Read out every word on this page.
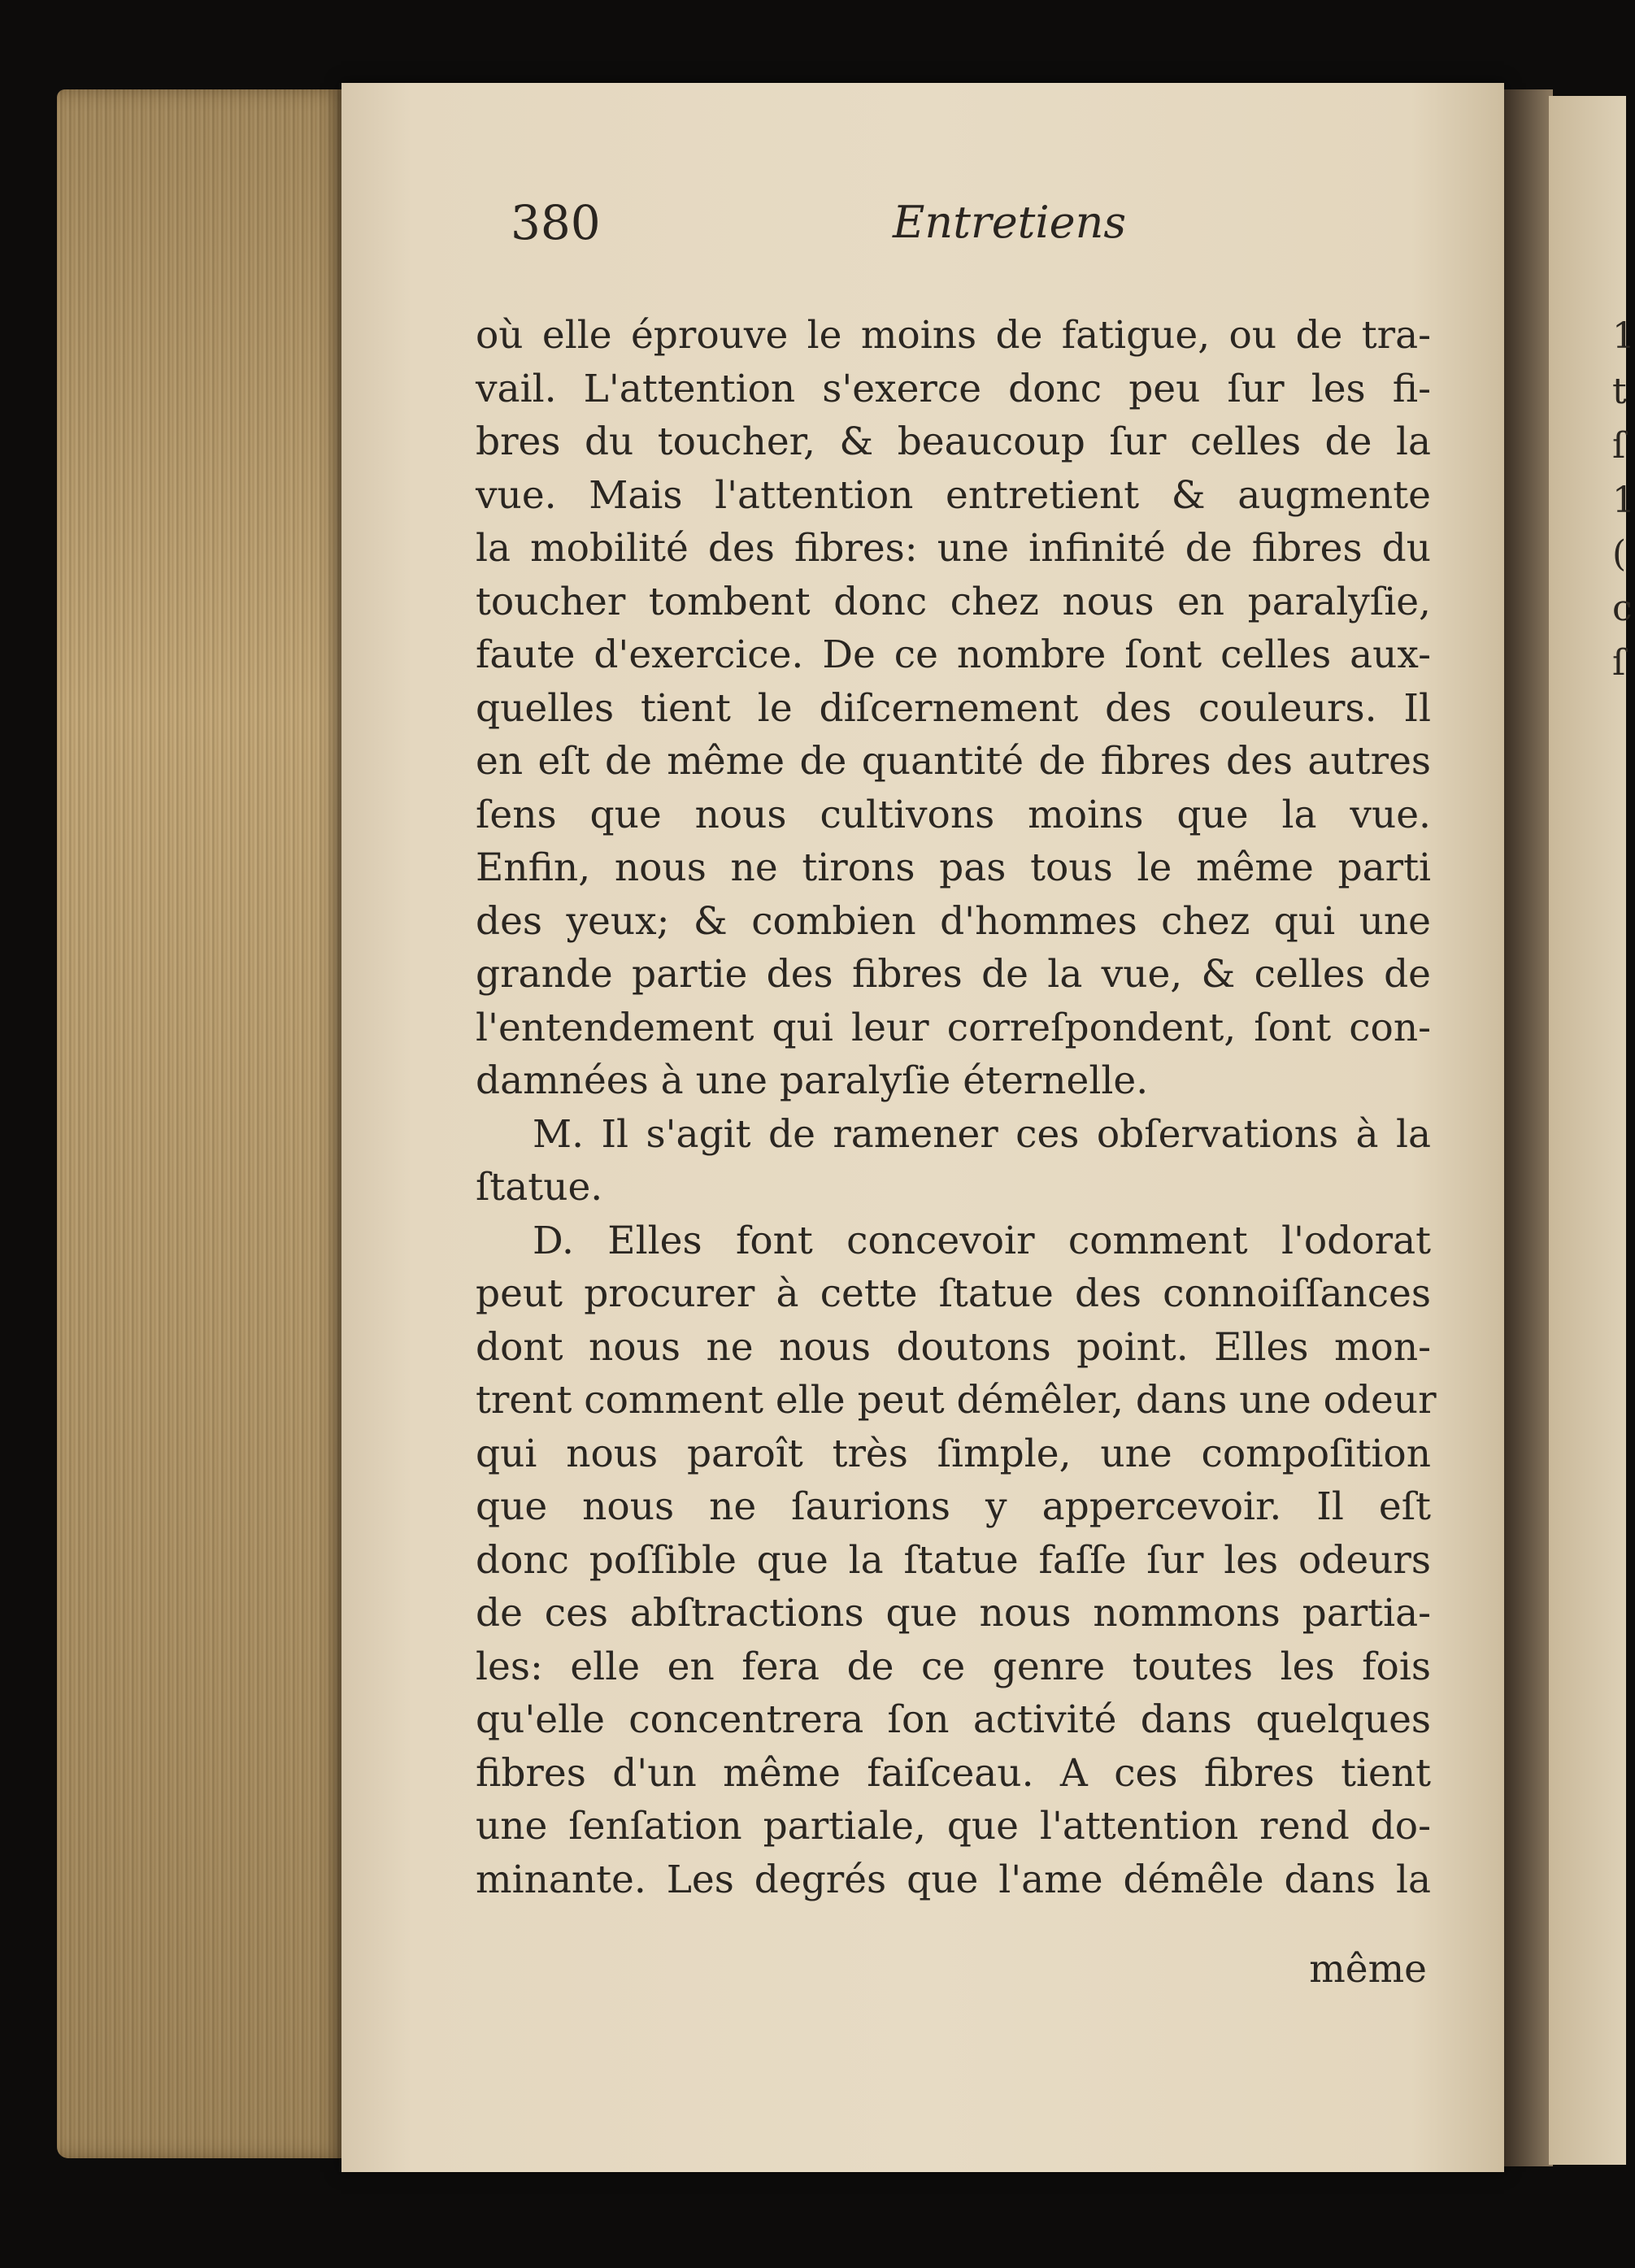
1
t
ſ
1
(
c
ſ
380	Entretiens
où elle éprouve le moins de fatigue, ou de tra-
vail. L'attention s'exerce donc peu ſur les fi-
bres du toucher, & beaucoup ſur celles de la
vue. Mais l'attention entretient & augmente
la mobilité des fibres: une infinité de fibres du
toucher tombent donc chez nous en paralyſie,
faute d'exercice. De ce nombre ſont celles aux-
quelles tient le diſcernement des couleurs. Il
en eſt de même de quantité de fibres des autres
ſens que nous cultivons moins que la vue.
Enfin, nous ne tirons pas tous le même parti
des yeux; & combien d'hommes chez qui une
grande partie des fibres de la vue, & celles de
l'entendement qui leur correſpondent, ſont con-
damnées à une paralyſie éternelle.
M. Il s'agit de ramener ces obſervations à la
ſtatue.
D. Elles font concevoir comment l'odorat
peut procurer à cette ſtatue des connoiſſances
dont nous ne nous doutons point. Elles mon-
trent comment elle peut démêler, dans une odeur
qui nous paroît très ſimple, une compoſition
que nous ne ſaurions y appercevoir. Il eſt
donc poſſible que la ſtatue faſſe ſur les odeurs
de ces abſtractions que nous nommons partia-
les: elle en fera de ce genre toutes les fois
qu'elle concentrera ſon activité dans quelques
fibres d'un même faiſceau. A ces fibres tient
une ſenſation partiale, que l'attention rend do-
minante. Les degrés que l'ame démêle dans la
même
